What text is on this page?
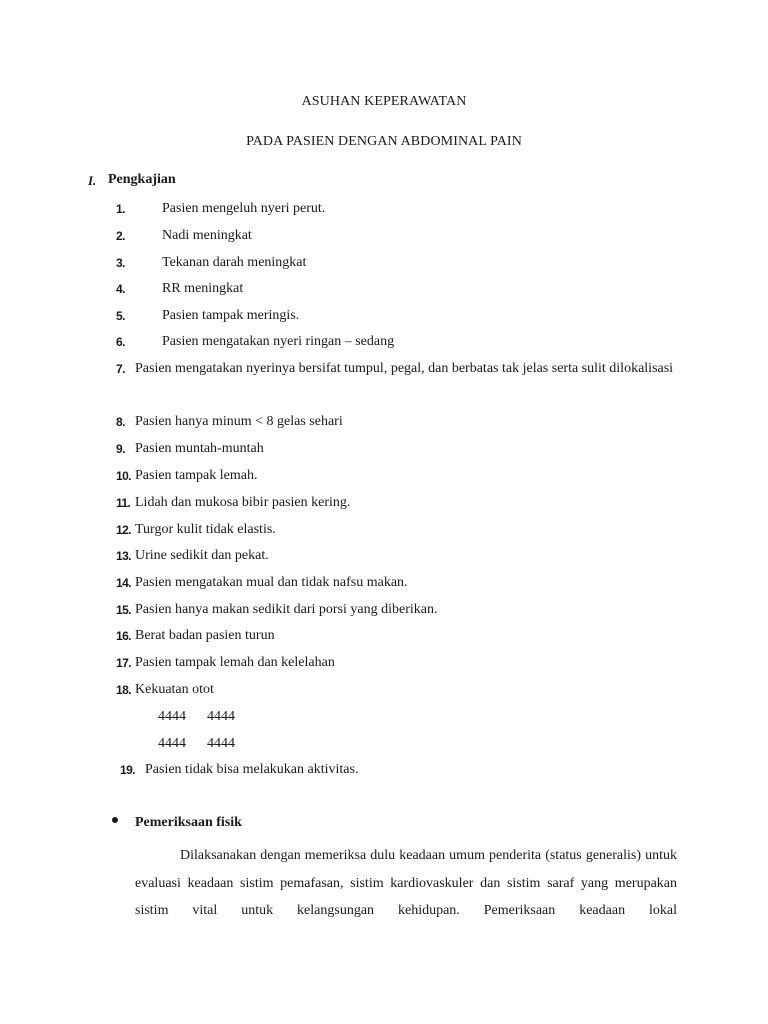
ASUHAN KEPERAWATAN
PADA PASIEN DENGAN ABDOMINAL PAIN
I. Pengkajian
1.	Pasien mengeluh nyeri perut.
2.	Nadi meningkat
3.	Tekanan darah meningkat
4.	RR meningkat
5.	Pasien tampak meringis.
6.	Pasien mengatakan nyeri ringan – sedang
7. Pasien mengatakan nyerinya bersifat tumpul, pegal, dan berbatas tak jelas serta sulit dilokalisasi
8. Pasien hanya minum < 8 gelas sehari
9. Pasien muntah-muntah
10. Pasien tampak lemah.
11. Lidah dan mukosa bibir pasien kering.
12. Turgor kulit tidak elastis.
13. Urine sedikit dan pekat.
14. Pasien mengatakan mual dan tidak nafsu makan.
15. Pasien hanya makan sedikit dari porsi yang diberikan.
16. Berat badan pasien turun
17. Pasien tampak lemah dan kelelahan
18. Kekuatan otot
4444 4444
4444 4444
19. Pasien tidak bisa melakukan aktivitas.
Pemeriksaan fisik
Dilaksanakan dengan memeriksa dulu keadaan umum penderita (status generalis) untuk evaluasi keadaan sistim pemafasan, sistim kardiovaskuler dan sistim saraf yang merupakan sistim vital untuk kelangsungan kehidupan. Pemeriksaan keadaan lokal
